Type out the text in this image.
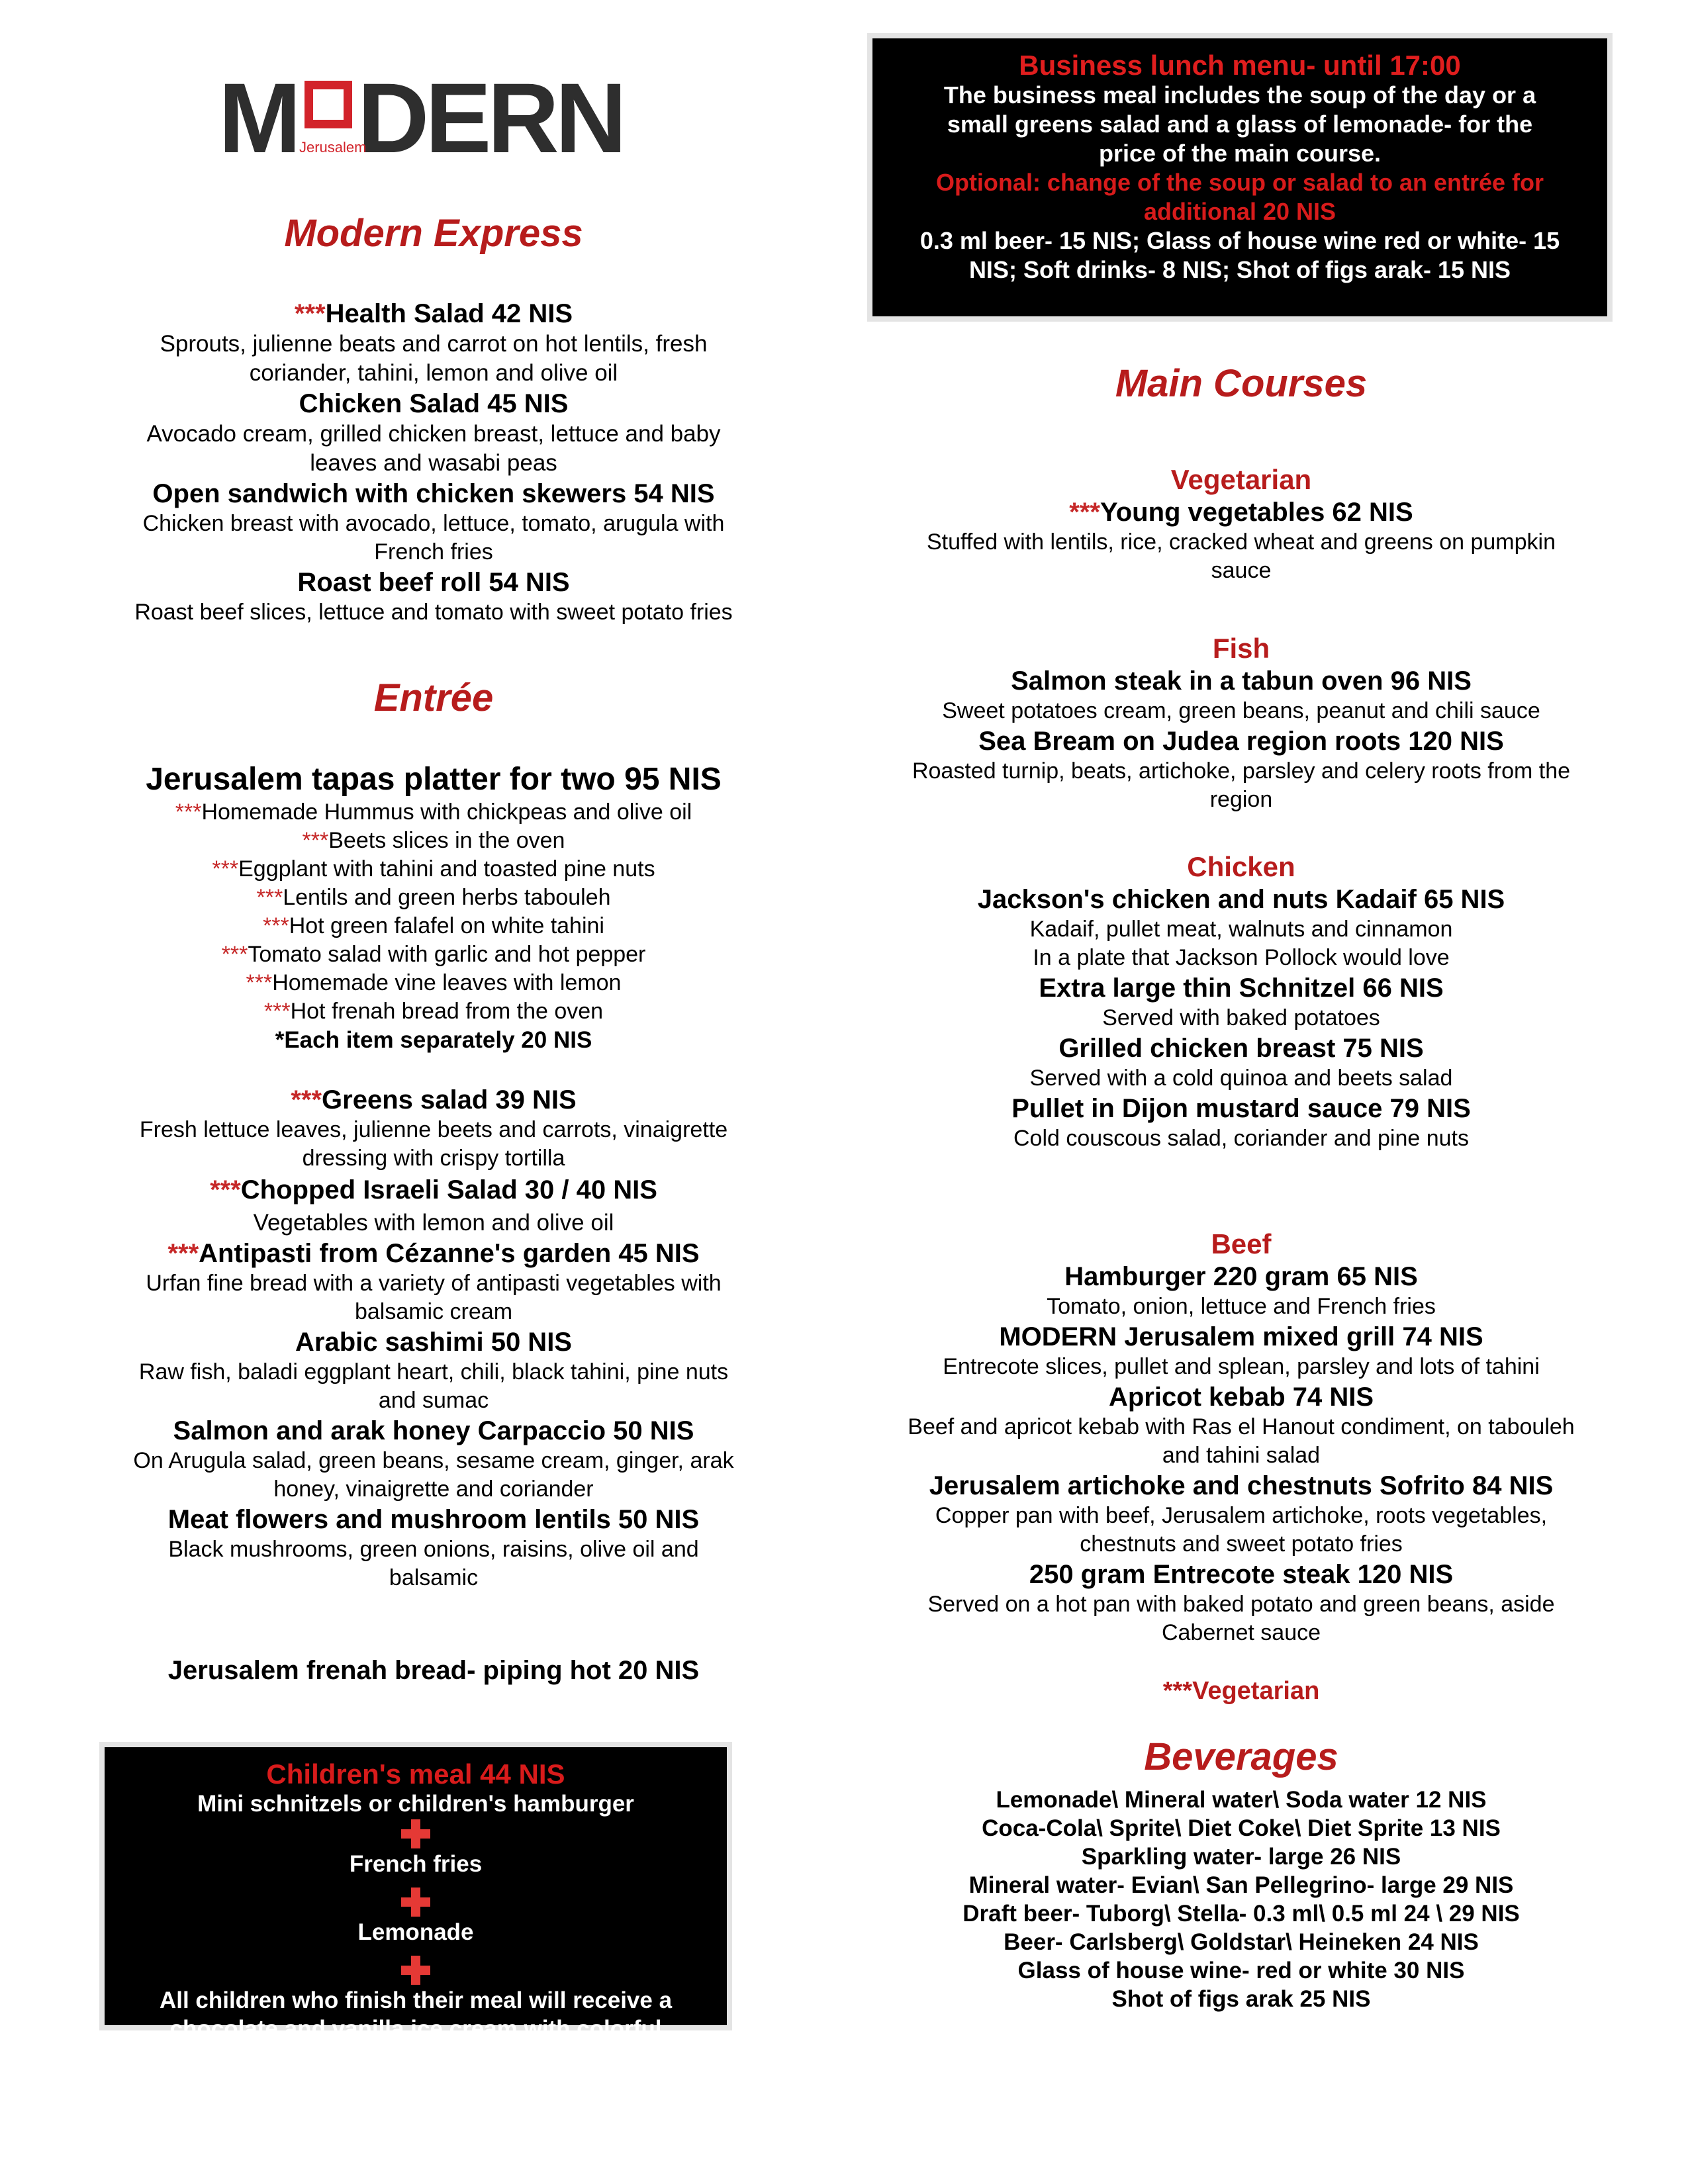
M DERN
Jerusalem
Modern Express
***Health Salad 42 NIS
Sprouts, julienne beats and carrot on hot lentils, fresh
coriander, tahini, lemon and olive oil
Chicken Salad 45 NIS
Avocado cream, grilled chicken breast, lettuce and baby
leaves and wasabi peas
Open sandwich with chicken skewers 54 NIS
Chicken breast with avocado, lettuce, tomato, arugula with
French fries
Roast beef roll 54 NIS
Roast beef slices, lettuce and tomato with sweet potato fries
Entrée
Jerusalem tapas platter for two 95 NIS
***Homemade Hummus with chickpeas and olive oil
***Beets slices in the oven
***Eggplant with tahini and toasted pine nuts
***Lentils and green herbs tabouleh
***Hot green falafel on white tahini
***Tomato salad with garlic and hot pepper
***Homemade vine leaves with lemon
***Hot frenah bread from the oven
*Each item separately 20 NIS
***Greens salad 39 NIS
Fresh lettuce leaves, julienne beets and carrots, vinaigrette
dressing with crispy tortilla
***Chopped Israeli Salad 30 / 40 NIS
Vegetables with lemon and olive oil
***Antipasti from Cézanne's garden 45 NIS
Urfan fine bread with a variety of antipasti vegetables with
balsamic cream
Arabic sashimi 50 NIS
Raw fish, baladi eggplant heart, chili, black tahini, pine nuts
and sumac
Salmon and arak honey Carpaccio 50 NIS
On Arugula salad, green beans, sesame cream, ginger, arak
honey, vinaigrette and coriander
Meat flowers and mushroom lentils 50 NIS
Black mushrooms, green onions, raisins, olive oil and
balsamic
Jerusalem frenah bread- piping hot 20 NIS

Children's meal 44 NIS

Mini schnitzels or children's hamburger

French fries

Lemonade

All children who finish their meal will receive a

chocolate and vanilla ice cream with colorful

candies and marshmallows

Business lunch menu- until 17:00

The business meal includes the soup of the day or a

small greens salad and a glass of lemonade- for the

price of the main course.

Optional: change of the soup or salad to an entrée for

additional 20 NIS

0.3 ml beer- 15 NIS; Glass of house wine red or white- 15

NIS; Soft drinks- 8 NIS; Shot of figs arak- 15 NIS

Main Courses
Vegetarian
***Young vegetables 62 NIS
Stuffed with lentils, rice, cracked wheat and greens on pumpkin
sauce
Fish
Salmon steak in a tabun oven 96 NIS
Sweet potatoes cream, green beans, peanut and chili sauce
Sea Bream on Judea region roots 120 NIS
Roasted turnip, beats, artichoke, parsley and celery roots from the
region
Chicken
Jackson's chicken and nuts Kadaif 65 NIS
Kadaif, pullet meat, walnuts and cinnamon
In a plate that Jackson Pollock would love
Extra large thin Schnitzel 66 NIS
Served with baked potatoes
Grilled chicken breast 75 NIS
Served with a cold quinoa and beets salad
Pullet in Dijon mustard sauce 79 NIS
Cold couscous salad, coriander and pine nuts
Beef
Hamburger 220 gram 65 NIS
Tomato, onion, lettuce and French fries
MODERN Jerusalem mixed grill 74 NIS
Entrecote slices, pullet and splean, parsley and lots of tahini
Apricot kebab 74 NIS
Beef and apricot kebab with Ras el Hanout condiment, on tabouleh
and tahini salad
Jerusalem artichoke and chestnuts Sofrito 84 NIS
Copper pan with beef, Jerusalem artichoke, roots vegetables,
chestnuts and sweet potato fries
250 gram Entrecote steak 120 NIS
Served on a hot pan with baked potato and green beans, aside
Cabernet sauce
***Vegetarian
Beverages
Lemonade\ Mineral water\ Soda water 12 NIS
Coca-Cola\ Sprite\ Diet Coke\ Diet Sprite 13 NIS
Sparkling water- large 26 NIS
Mineral water- Evian\ San Pellegrino- large 29 NIS
Draft beer- Tuborg\ Stella- 0.3 ml\ 0.5 ml 24 \ 29 NIS
Beer- Carlsberg\ Goldstar\ Heineken 24 NIS
Glass of house wine- red or white 30 NIS
Shot of figs arak 25 NIS
